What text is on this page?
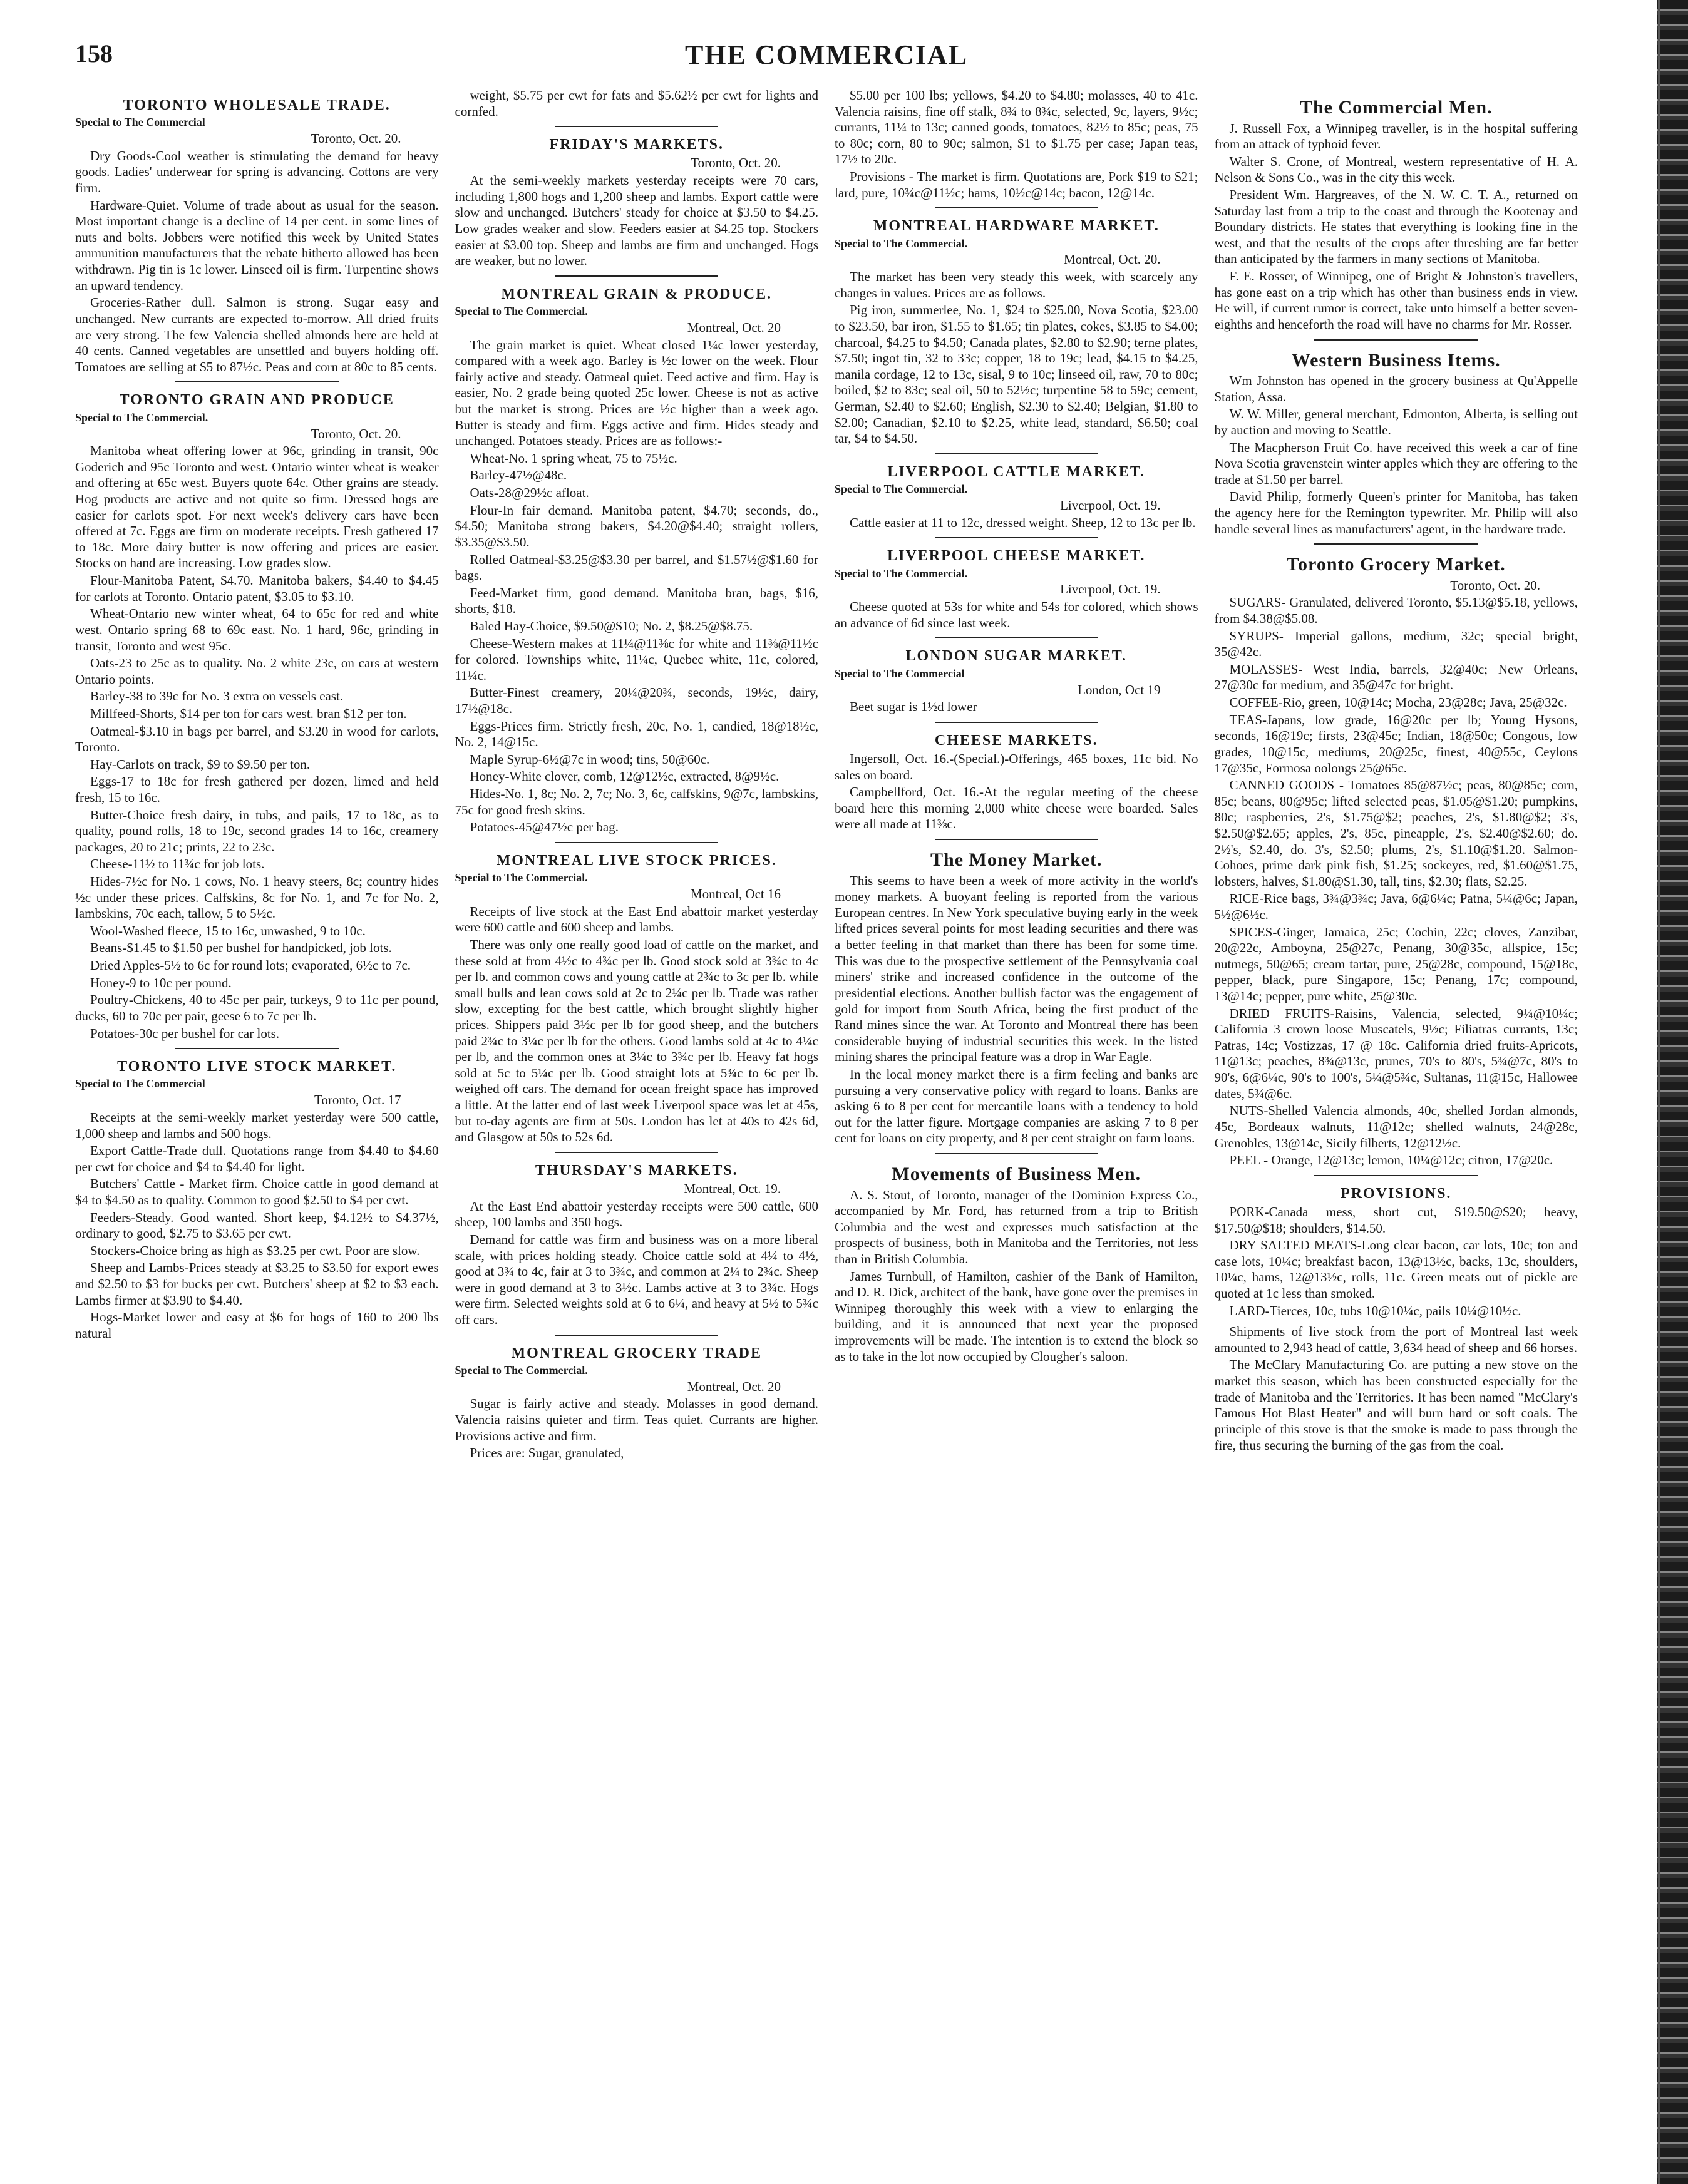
158	THE COMMERCIAL
TORONTO WHOLESALE TRADE.
Special to The Commercial
Toronto, Oct. 20.

Dry Goods-Cool weather is stimulating the demand for heavy goods. Ladies' underwear for spring is advancing. Cottons are very firm.

Hardware-Quiet. Volume of trade about as usual for the season. Most important change is a decline of 14 per cent. in some lines of nuts and bolts. Jobbers were notified this week by United States ammunition manufacturers that the rebate hitherto allowed has been withdrawn. Pig tin is 1c lower. Linseed oil is firm. Turpentine shows an upward tendency.

Groceries-Rather dull. Salmon is strong. Sugar easy and unchanged. New currants are expected to-morrow. All dried fruits are very strong. The few Valencia shelled almonds here are held at 40 cents. Canned vegetables are unsettled and buyers holding off. Tomatoes are selling at $5 to 87½c. Peas and corn at 80c to 85 cents.

TORONTO GRAIN AND PRODUCE
Special to The Commercial.
Toronto, Oct. 20.

Manitoba wheat offering lower at 96c, grinding in transit, 90c Goderich and 95c Toronto and west. Ontario winter wheat is weaker and offering at 65c west. Buyers quote 64c. Other grains are steady. Hog products are active and not quite so firm. Dressed hogs are easier for carlots spot. For next week's delivery cars have been offered at 7c. Eggs are firm on moderate receipts. Fresh gathered 17 to 18c. More dairy butter is now offering and prices are easier. Stocks on hand are increasing. Low grades slow.

Flour-Manitoba Patent, $4.70. Manitoba bakers, $4.40 to $4.45 for carlots at Toronto. Ontario patent, $3.05 to $3.10.

Wheat-Ontario new winter wheat, 64 to 65c for red and white west. Ontario spring 68 to 69c east. No. 1 hard, 96c, grinding in transit, Toronto and west 95c.

Oats-23 to 25c as to quality. No. 2 white 23c, on cars at western Ontario points.

Barley-38 to 39c for No. 3 extra on vessels east.

Millfeed-Shorts, $14 per ton for cars west. bran $12 per ton.

Oatmeal-$3.10 in bags per barrel, and $3.20 in wood for carlots, Toronto.

Hay-Carlots on track, $9 to $9.50 per ton.

Eggs-17 to 18c for fresh gathered per dozen, limed and held fresh, 15 to 16c.

Butter-Choice fresh dairy, in tubs, and pails, 17 to 18c, as to quality, pound rolls, 18 to 19c, second grades 14 to 16c, creamery packages, 20 to 21c; prints, 22 to 23c.

Cheese-11½ to 11¾c for job lots.

Hides-7½c for No. 1 cows, No. 1 heavy steers, 8c; country hides ½c under these prices. Calfskins, 8c for No. 1, and 7c for No. 2, lambskins, 70c each, tallow, 5 to 5½c.

Wool-Washed fleece, 15 to 16c, unwashed, 9 to 10c.

Beans-$1.45 to $1.50 per bushel for handpicked, job lots.

Dried Apples-5½ to 6c for round lots; evaporated, 6½c to 7c.

Honey-9 to 10c per pound.

Poultry-Chickens, 40 to 45c per pair, turkeys, 9 to 11c per pound, ducks, 60 to 70c per pair, geese 6 to 7c per lb.

Potatoes-30c per bushel for car lots.

TORONTO LIVE STOCK MARKET.
Special to The Commercial
Toronto, Oct. 17

Receipts at the semi-weekly market yesterday were 500 cattle, 1,000 sheep and lambs and 500 hogs.

Export Cattle-Trade dull. Quotations range from $4.40 to $4.60 per cwt for choice and $4 to $4.40 for light.

Butchers' Cattle - Market firm. Choice cattle in good demand at $4 to $4.50 as to quality. Common to good $2.50 to $4 per cwt.

Feeders-Steady. Good wanted. Short keep, $4.12½ to $4.37½, ordinary to good, $2.75 to $3.65 per cwt.

Stockers-Choice bring as high as $3.25 per cwt. Poor are slow.

Sheep and Lambs-Prices steady at $3.25 to $3.50 for export ewes and $2.50 to $3 for bucks per cwt. Butchers' sheep at $2 to $3 each. Lambs firmer at $3.90 to $4.40.

Hogs-Market lower and easy at $6 for hogs of 160 to 200 lbs natural

weight, $5.75 per cwt for fats and $5.62½ per cwt for lights and cornfed.

FRIDAY'S MARKETS.
Toronto, Oct. 20.

At the semi-weekly markets yesterday receipts were 70 cars, including 1,800 hogs and 1,200 sheep and lambs. Export cattle were slow and unchanged. Butchers' steady for choice at $3.50 to $4.25. Low grades weaker and slow. Feeders easier at $4.25 top. Stockers easier at $3.00 top. Sheep and lambs are firm and unchanged. Hogs are weaker, but no lower.

MONTREAL GRAIN & PRODUCE.
Special to The Commercial.
Montreal, Oct. 20

The grain market is quiet. Wheat closed 1¼c lower yesterday, compared with a week ago. Barley is ½c lower on the week. Flour fairly active and steady. Oatmeal quiet. Feed active and firm. Hay is easier, No. 2 grade being quoted 25c lower. Cheese is not as active but the market is strong. Prices are ½c higher than a week ago. Butter is steady and firm. Eggs active and firm. Hides steady and unchanged. Potatoes steady. Prices are as follows:-

Wheat-No. 1 spring wheat, 75 to 75½c.

Barley-47½@48c.

Oats-28@29½c afloat.

Flour-In fair demand. Manitoba patent, $4.70; seconds, do., $4.50; Manitoba strong bakers, $4.20@$4.40; straight rollers, $3.35@$3.50.

Rolled Oatmeal-$3.25@$3.30 per barrel, and $1.57½@$1.60 for bags.

Feed-Market firm, good demand. Manitoba bran, bags, $16, shorts, $18.

Baled Hay-Choice, $9.50@$10; No. 2, $8.25@$8.75.

Cheese-Western makes at 11¼@11⅜c for white and 11⅜@11½c for colored. Townships white, 11¼c, Quebec white, 11c, colored, 11¼c.

Butter-Finest creamery, 20¼@20¾, seconds, 19½c, dairy, 17½@18c.

Eggs-Prices firm. Strictly fresh, 20c, No. 1, candied, 18@18½c, No. 2, 14@15c.

Maple Syrup-6½@7c in wood; tins, 50@60c.

Honey-White clover, comb, 12@12½c, extracted, 8@9½c.

Hides-No. 1, 8c; No. 2, 7c; No. 3, 6c, calfskins, 9@7c, lambskins, 75c for good fresh skins.

Potatoes-45@47½c per bag.

MONTREAL LIVE STOCK PRICES.
Special to The Commercial.
Montreal, Oct 16

Receipts of live stock at the East End abattoir market yesterday were 600 cattle and 600 sheep and lambs.

There was only one really good load of cattle on the market, and these sold at from 4½c to 4¾c per lb. Good stock sold at 3¾c to 4c per lb. and common cows and young cattle at 2¾c to 3c per lb. while small bulls and lean cows sold at 2c to 2¼c per lb. Trade was rather slow, excepting for the best cattle, which brought slightly higher prices. Shippers paid 3½c per lb for good sheep, and the butchers paid 2¾c to 3¼c per lb for the others. Good lambs sold at 4c to 4¼c per lb, and the common ones at 3¼c to 3¾c per lb. Heavy fat hogs sold at 5c to 5¼c per lb. Good straight lots at 5¾c to 6c per lb. weighed off cars. The demand for ocean freight space has improved a little. At the latter end of last week Liverpool space was let at 45s, but to-day agents are firm at 50s. London has let at 40s to 42s 6d, and Glasgow at 50s to 52s 6d.

THURSDAY'S MARKETS.
Montreal, Oct. 19.

At the East End abattoir yesterday receipts were 500 cattle, 600 sheep, 100 lambs and 350 hogs.

Demand for cattle was firm and business was on a more liberal scale, with prices holding steady. Choice cattle sold at 4¼ to 4½, good at 3¾ to 4c, fair at 3 to 3¾c, and common at 2¼ to 2¾c. Sheep were in good demand at 3 to 3½c. Lambs active at 3 to 3¾c. Hogs were firm. Selected weights sold at 6 to 6¼, and heavy at 5½ to 5¾c off cars.

MONTREAL GROCERY TRADE
Special to The Commercial.
Montreal, Oct. 20

Sugar is fairly active and steady. Molasses in good demand. Valencia raisins quieter and firm. Teas quiet. Currants are higher. Provisions active and firm.

Prices are: Sugar, granulated,

$5.00 per 100 lbs; yellows, $4.20 to $4.80; molasses, 40 to 41c. Valencia raisins, fine off stalk, 8¾ to 8¾c, selected, 9c, layers, 9½c; currants, 11¼ to 13c; canned goods, tomatoes, 82½ to 85c; peas, 75 to 80c; corn, 80 to 90c; salmon, $1 to $1.75 per case; Japan teas, 17½ to 20c.

Provisions - The market is firm. Quotations are, Pork $19 to $21; lard, pure, 10¾c@11½c; hams, 10½c@14c; bacon, 12@14c.

MONTREAL HARDWARE MARKET.
Special to The Commercial.
Montreal, Oct. 20.

The market has been very steady this week, with scarcely any changes in values. Prices are as follows.

Pig iron, summerlee, No. 1, $24 to $25.00, Nova Scotia, $23.00 to $23.50, bar iron, $1.55 to $1.65; tin plates, cokes, $3.85 to $4.00; charcoal, $4.25 to $4.50; Canada plates, $2.80 to $2.90; terne plates, $7.50; ingot tin, 32 to 33c; copper, 18 to 19c; lead, $4.15 to $4.25, manila cordage, 12 to 13c, sisal, 9 to 10c; linseed oil, raw, 70 to 80c; boiled, $2 to 83c; seal oil, 50 to 52½c; turpentine 58 to 59c; cement, German, $2.40 to $2.60; English, $2.30 to $2.40; Belgian, $1.80 to $2.00; Canadian, $2.10 to $2.25, white lead, standard, $6.50; coal tar, $4 to $4.50.

LIVERPOOL CATTLE MARKET.
Special to The Commercial.
Liverpool, Oct. 19.

Cattle easier at 11 to 12c, dressed weight. Sheep, 12 to 13c per lb.

LIVERPOOL CHEESE MARKET.
Special to The Commercial.
Liverpool, Oct. 19.

Cheese quoted at 53s for white and 54s for colored, which shows an advance of 6d since last week.

LONDON SUGAR MARKET.
Special to The Commercial
London, Oct 19

Beet sugar is 1½d lower

CHEESE MARKETS.

Ingersoll, Oct. 16.-(Special.)-Offerings, 465 boxes, 11c bid. No sales on board.

Campbellford, Oct. 16.-At the regular meeting of the cheese board here this morning 2,000 white cheese were boarded. Sales were all made at 11⅜c.

The Money Market.

This seems to have been a week of more activity in the world's money markets. A buoyant feeling is reported from the various European centres. In New York speculative buying early in the week lifted prices several points for most leading securities and there was a better feeling in that market than there has been for some time. This was due to the prospective settlement of the Pennsylvania coal miners' strike and increased confidence in the outcome of the presidential elections. Another bullish factor was the engagement of gold for import from South Africa, being the first product of the Rand mines since the war. At Toronto and Montreal there has been considerable buying of industrial securities this week. In the listed mining shares the principal feature was a drop in War Eagle.

In the local money market there is a firm feeling and banks are pursuing a very conservative policy with regard to loans. Banks are asking 6 to 8 per cent for mercantile loans with a tendency to hold out for the latter figure. Mortgage companies are asking 7 to 8 per cent for loans on city property, and 8 per cent straight on farm loans.

Movements of Business Men.

A. S. Stout, of Toronto, manager of the Dominion Express Co., accompanied by Mr. Ford, has returned from a trip to British Columbia and the west and expresses much satisfaction at the prospects of business, both in Manitoba and the Territories, not less than in British Columbia.

James Turnbull, of Hamilton, cashier of the Bank of Hamilton, and D. R. Dick, architect of the bank, have gone over the premises in Winnipeg thoroughly this week with a view to enlarging the building, and it is announced that next year the proposed improvements will be made. The intention is to extend the block so as to take in the lot now occupied by Clougher's saloon.

The Commercial Men.

J. Russell Fox, a Winnipeg traveller, is in the hospital suffering from an attack of typhoid fever.

Walter S. Crone, of Montreal, western representative of H. A. Nelson & Sons Co., was in the city this week.

President Wm. Hargreaves, of the N. W. C. T. A., returned on Saturday last from a trip to the coast and through the Kootenay and Boundary districts. He states that everything is looking fine in the west, and that the results of the crops after threshing are far better than anticipated by the farmers in many sections of Manitoba.

F. E. Rosser, of Winnipeg, one of Bright & Johnston's travellers, has gone east on a trip which has other than business ends in view. He will, if current rumor is correct, take unto himself a better seven-eighths and henceforth the road will have no charms for Mr. Rosser.

Western Business Items.

Wm Johnston has opened in the grocery business at Qu'Appelle Station, Assa.

W. W. Miller, general merchant, Edmonton, Alberta, is selling out by auction and moving to Seattle.

The Macpherson Fruit Co. have received this week a car of fine Nova Scotia gravenstein winter apples which they are offering to the trade at $1.50 per barrel.

David Philip, formerly Queen's printer for Manitoba, has taken the agency here for the Remington typewriter. Mr. Philip will also handle several lines as manufacturers' agent, in the hardware trade.

Toronto Grocery Market.
Toronto, Oct. 20.

SUGARS- Granulated, delivered Toronto, $5.13@$5.18, yellows, from $4.38@$5.08.

SYRUPS- Imperial gallons, medium, 32c; special bright, 35@42c.

MOLASSES- West India, barrels, 32@40c; New Orleans, 27@30c for medium, and 35@47c for bright.

COFFEE-Rio, green, 10@14c; Mocha, 23@28c; Java, 25@32c.

TEAS-Japans, low grade, 16@20c per lb; Young Hysons, seconds, 16@19c; firsts, 23@45c; Indian, 18@50c; Congous, low grades, 10@15c, mediums, 20@25c, finest, 40@55c, Ceylons 17@35c, Formosa oolongs 25@65c.

CANNED GOODS - Tomatoes 85@87½c; peas, 80@85c; corn, 85c; beans, 80@95c; lifted selected peas, $1.05@$1.20; pumpkins, 80c; raspberries, 2's, $1.75@$2; peaches, 2's, $1.80@$2; 3's, $2.50@$2.65; apples, 2's, 85c, pineapple, 2's, $2.40@$2.60; do. 2½'s, $2.40, do. 3's, $2.50; plums, 2's, $1.10@$1.20. Salmon-Cohoes, prime dark pink fish, $1.25; sockeyes, red, $1.60@$1.75, lobsters, halves, $1.80@$1.30, tall, tins, $2.30; flats, $2.25.

RICE-Rice bags, 3¾@3¾c; Java, 6@6¼c; Patna, 5¼@6c; Japan, 5½@6½c.

SPICES-Ginger, Jamaica, 25c; Cochin, 22c; cloves, Zanzibar, 20@22c, Amboyna, 25@27c, Penang, 30@35c, allspice, 15c; nutmegs, 50@65; cream tartar, pure, 25@28c, compound, 15@18c, pepper, black, pure Singapore, 15c; Penang, 17c; compound, 13@14c; pepper, pure white, 25@30c.

DRIED FRUITS-Raisins, Valencia, selected, 9¼@10¼c; California 3 crown loose Muscatels, 9½c; Filiatras currants, 13c; Patras, 14c; Vostizzas, 17 @ 18c. California dried fruits-Apricots, 11@13c; peaches, 8¾@13c, prunes, 70's to 80's, 5¾@7c, 80's to 90's, 6@6¼c, 90's to 100's, 5¼@5¾c, Sultanas, 11@15c, Hallowee dates, 5¾@6c.

NUTS-Shelled Valencia almonds, 40c, shelled Jordan almonds, 45c, Bordeaux walnuts, 11@12c; shelled walnuts, 24@28c, Grenobles, 13@14c, Sicily filberts, 12@12½c.

PEEL - Orange, 12@13c; lemon, 10¼@12c; citron, 17@20c.

PROVISIONS.

PORK-Canada mess, short cut, $19.50@$20; heavy, $17.50@$18; shoulders, $14.50.

DRY SALTED MEATS-Long clear bacon, car lots, 10c; ton and case lots, 10¼c; breakfast bacon, 13@13½c, backs, 13c, shoulders, 10¼c, hams, 12@13½c, rolls, 11c. Green meats out of pickle are quoted at 1c less than smoked.

LARD-Tierces, 10c, tubs 10@10¼c, pails 10¼@10½c.

Shipments of live stock from the port of Montreal last week amounted to 2,943 head of cattle, 3,634 head of sheep and 66 horses.

The McClary Manufacturing Co. are putting a new stove on the market this season, which has been constructed especially for the trade of Manitoba and the Territories. It has been named "McClary's Famous Hot Blast Heater" and will burn hard or soft coals. The principle of this stove is that the smoke is made to pass through the fire, thus securing the burning of the gas from the coal.
